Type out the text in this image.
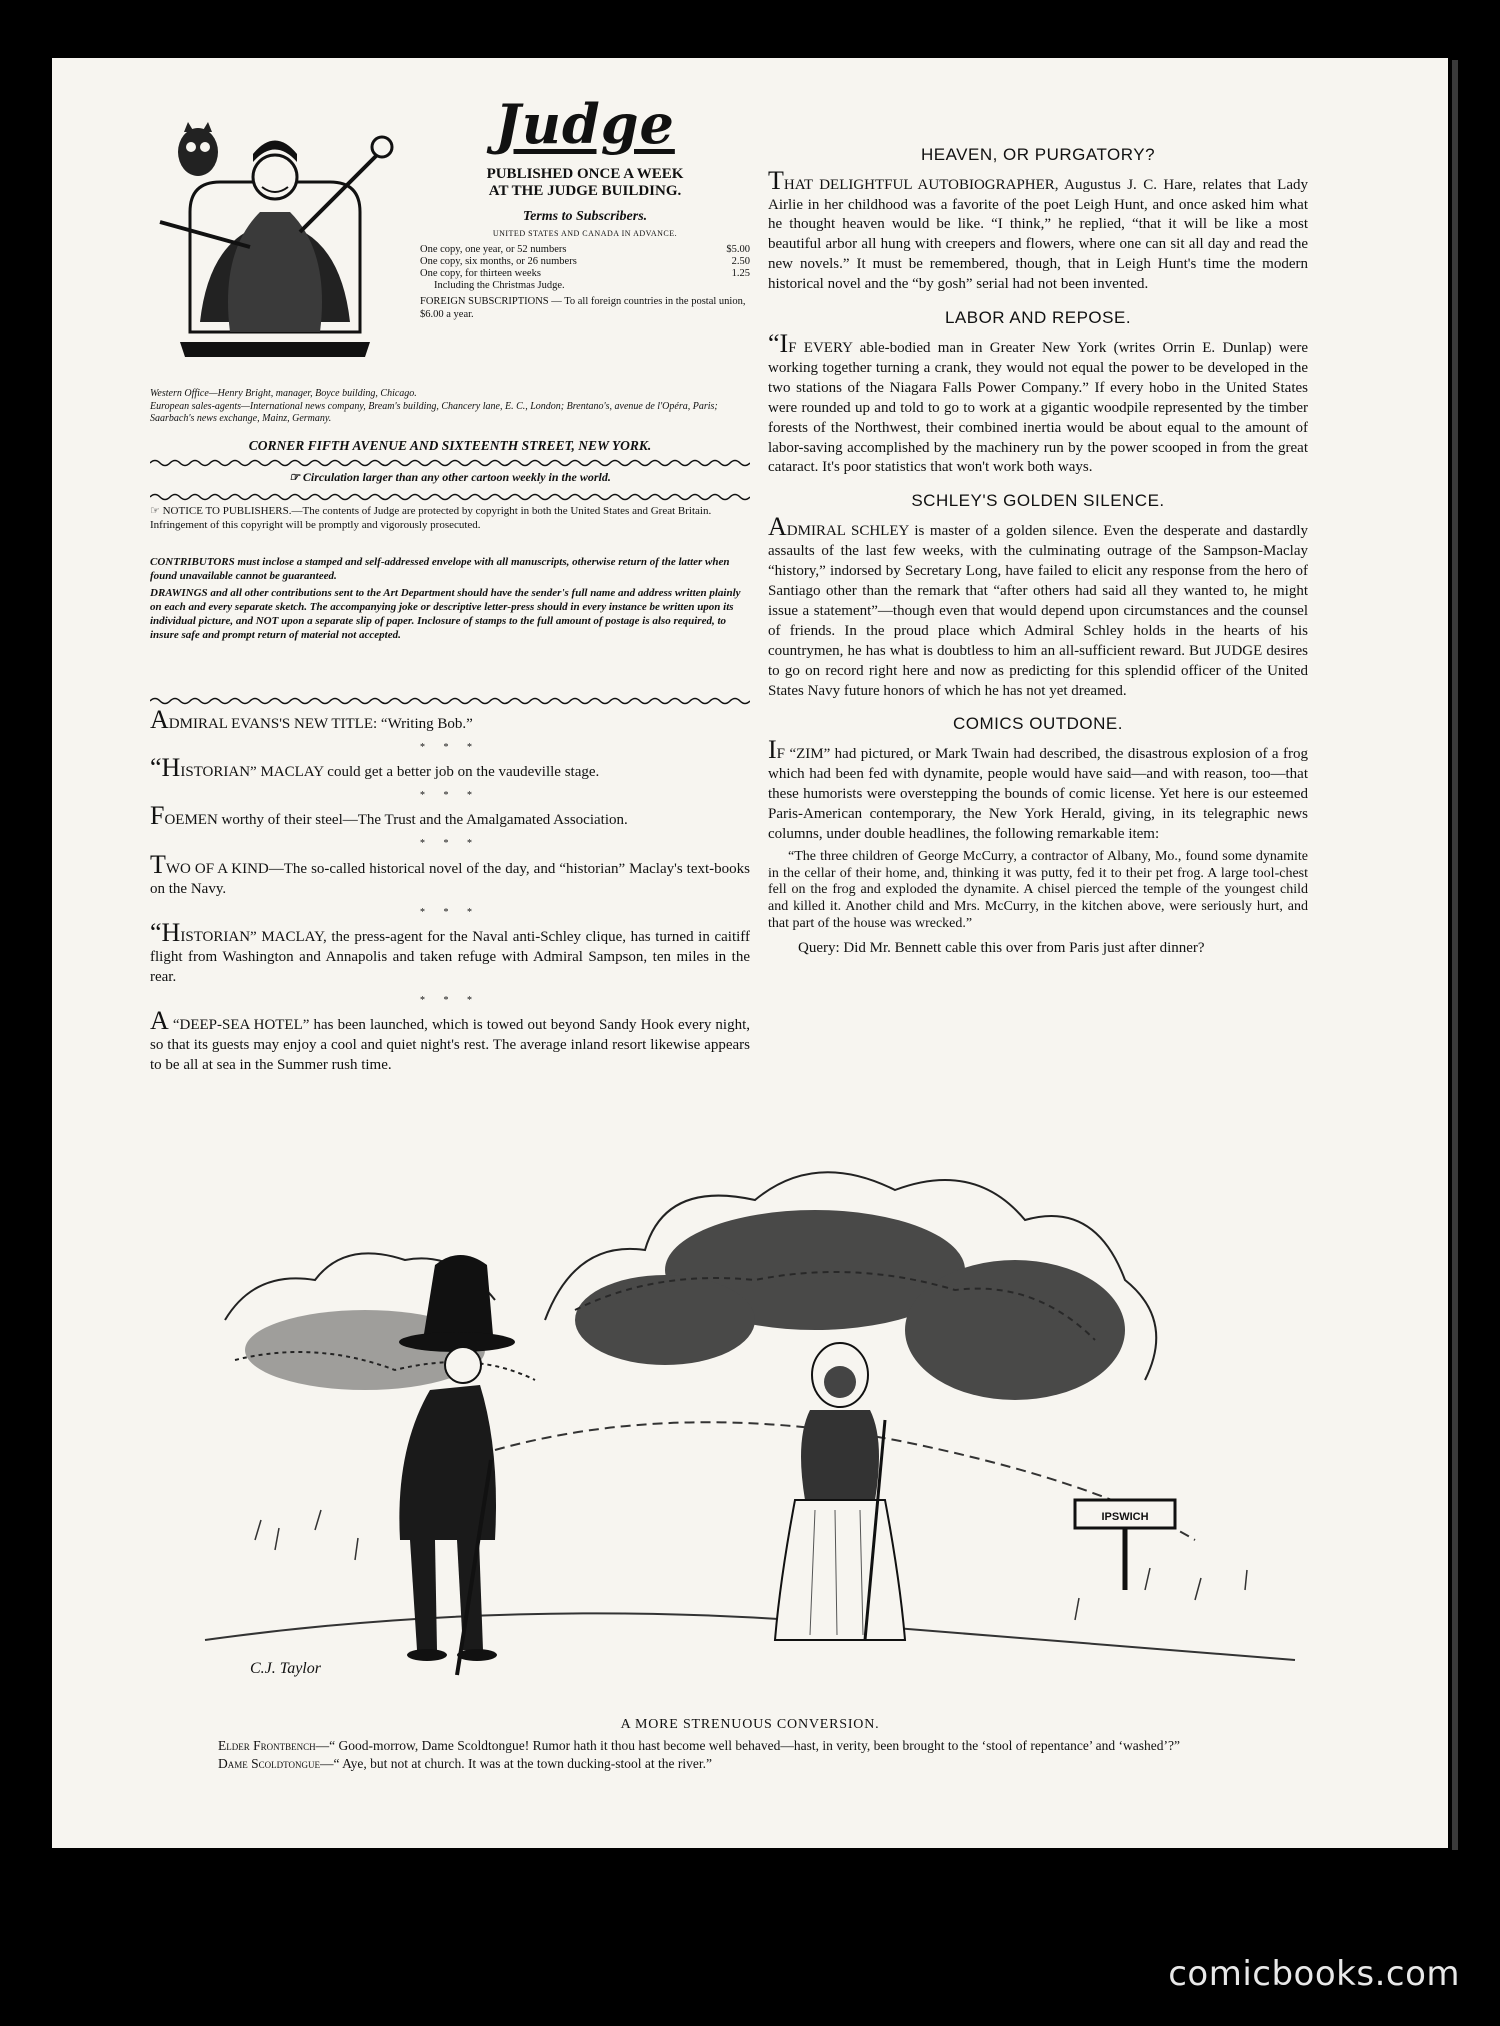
Judge
PUBLISHED ONCE A WEEK
AT THE JUDGE BUILDING.
Terms to Subscribers.
UNITED STATES AND CANADA IN ADVANCE.
One copy, one year, or 52 numbers	$5.00
One copy, six months, or 26 numbers	2.50
One copy, for thirteen weeks	1.25
Including the Christmas Judge.
FOREIGN SUBSCRIPTIONS — To all foreign countries in the postal union, $6.00 a year.
Western Office—Henry Bright, manager, Boyce building, Chicago.
European sales-agents—International news company, Bream's building, Chancery lane, E. C., London; Brentano's, avenue de l'Opéra, Paris; Saarbach's news exchange, Mainz, Germany.
CORNER FIFTH AVENUE AND SIXTEENTH STREET, NEW YORK.
☞ Circulation larger than any other cartoon weekly in the world.
☞ NOTICE TO PUBLISHERS.—The contents of Judge are protected by copyright in both the United States and Great Britain. Infringement of this copyright will be promptly and vigorously prosecuted.

CONTRIBUTORS must inclose a stamped and self-addressed envelope with all manuscripts, otherwise return of the latter when found unavailable cannot be guaranteed.

DRAWINGS and all other contributions sent to the Art Department should have the sender's full name and address written plainly on each and every separate sketch. The accompanying joke or descriptive letter-press should in every instance be written upon its individual picture, and NOT upon a separate slip of paper. Inclosure of stamps to the full amount of postage is also required, to insure safe and prompt return of material not accepted.

ADMIRAL EVANS'S NEW TITLE: “Writing Bob.”

* * *

“HISTORIAN” MACLAY could get a better job on the vaudeville stage.

* * *

FOEMEN worthy of their steel—The Trust and the Amalgamated Association.

* * *

TWO OF A KIND—The so-called historical novel of the day, and “historian” Maclay's text-books on the Navy.

* * *

“HISTORIAN” MACLAY, the press-agent for the Naval anti-Schley clique, has turned in caitiff flight from Washington and Annapolis and taken refuge with Admiral Sampson, ten miles in the rear.

* * *

A “DEEP-SEA HOTEL” has been launched, which is towed out beyond Sandy Hook every night, so that its guests may enjoy a cool and quiet night's rest. The average inland resort likewise appears to be all at sea in the Summer rush time.

HEAVEN, OR PURGATORY?

THAT DELIGHTFUL AUTOBIOGRAPHER, Augustus J. C. Hare, relates that Lady Airlie in her childhood was a favorite of the poet Leigh Hunt, and once asked him what he thought heaven would be like. “I think,” he replied, “that it will be like a most beautiful arbor all hung with creepers and flowers, where one can sit all day and read the new novels.” It must be remembered, though, that in Leigh Hunt's time the modern historical novel and the “by gosh” serial had not been invented.

LABOR AND REPOSE.

“IF EVERY able-bodied man in Greater New York (writes Orrin E. Dunlap) were working together turning a crank, they would not equal the power to be developed in the two stations of the Niagara Falls Power Company.” If every hobo in the United States were rounded up and told to go to work at a gigantic woodpile represented by the timber forests of the Northwest, their combined inertia would be about equal to the amount of labor-saving accomplished by the machinery run by the power scooped in from the great cataract. It's poor statistics that won't work both ways.

SCHLEY'S GOLDEN SILENCE.

ADMIRAL SCHLEY is master of a golden silence. Even the desperate and dastardly assaults of the last few weeks, with the culminating outrage of the Sampson-Maclay “history,” indorsed by Secretary Long, have failed to elicit any response from the hero of Santiago other than the remark that “after others had said all they wanted to, he might issue a statement”—though even that would depend upon circumstances and the counsel of friends. In the proud place which Admiral Schley holds in the hearts of his countrymen, he has what is doubtless to him an all-sufficient reward. But JUDGE desires to go on record right here and now as predicting for this splendid officer of the United States Navy future honors of which he has not yet dreamed.

COMICS OUTDONE.

IF “ZIM” had pictured, or Mark Twain had described, the disastrous explosion of a frog which had been fed with dynamite, people would have said—and with reason, too—that these humorists were overstepping the bounds of comic license. Yet here is our esteemed Paris-American contemporary, the New York Herald, giving, in its telegraphic news columns, under double headlines, the following remarkable item:

“The three children of George McCurry, a contractor of Albany, Mo., found some dynamite in the cellar of their home, and, thinking it was putty, fed it to their pet frog. A large tool-chest fell on the frog and exploded the dynamite. A chisel pierced the temple of the youngest child and killed it. Another child and Mrs. McCurry, in the kitchen above, were seriously hurt, and that part of the house was wrecked.”

Query: Did Mr. Bennett cable this over from Paris just after dinner?

IPSWICH
C.J. Taylor
A MORE STRENUOUS CONVERSION.
Elder Frontbench—“ Good-morrow, Dame Scoldtongue! Rumor hath it thou hast become well behaved—hast, in verity, been brought to the ‘stool of repentance’ and ‘washed’?”
Dame Scoldtongue—“ Aye, but not at church. It was at the town ducking-stool at the river.”
comicbooks.com
